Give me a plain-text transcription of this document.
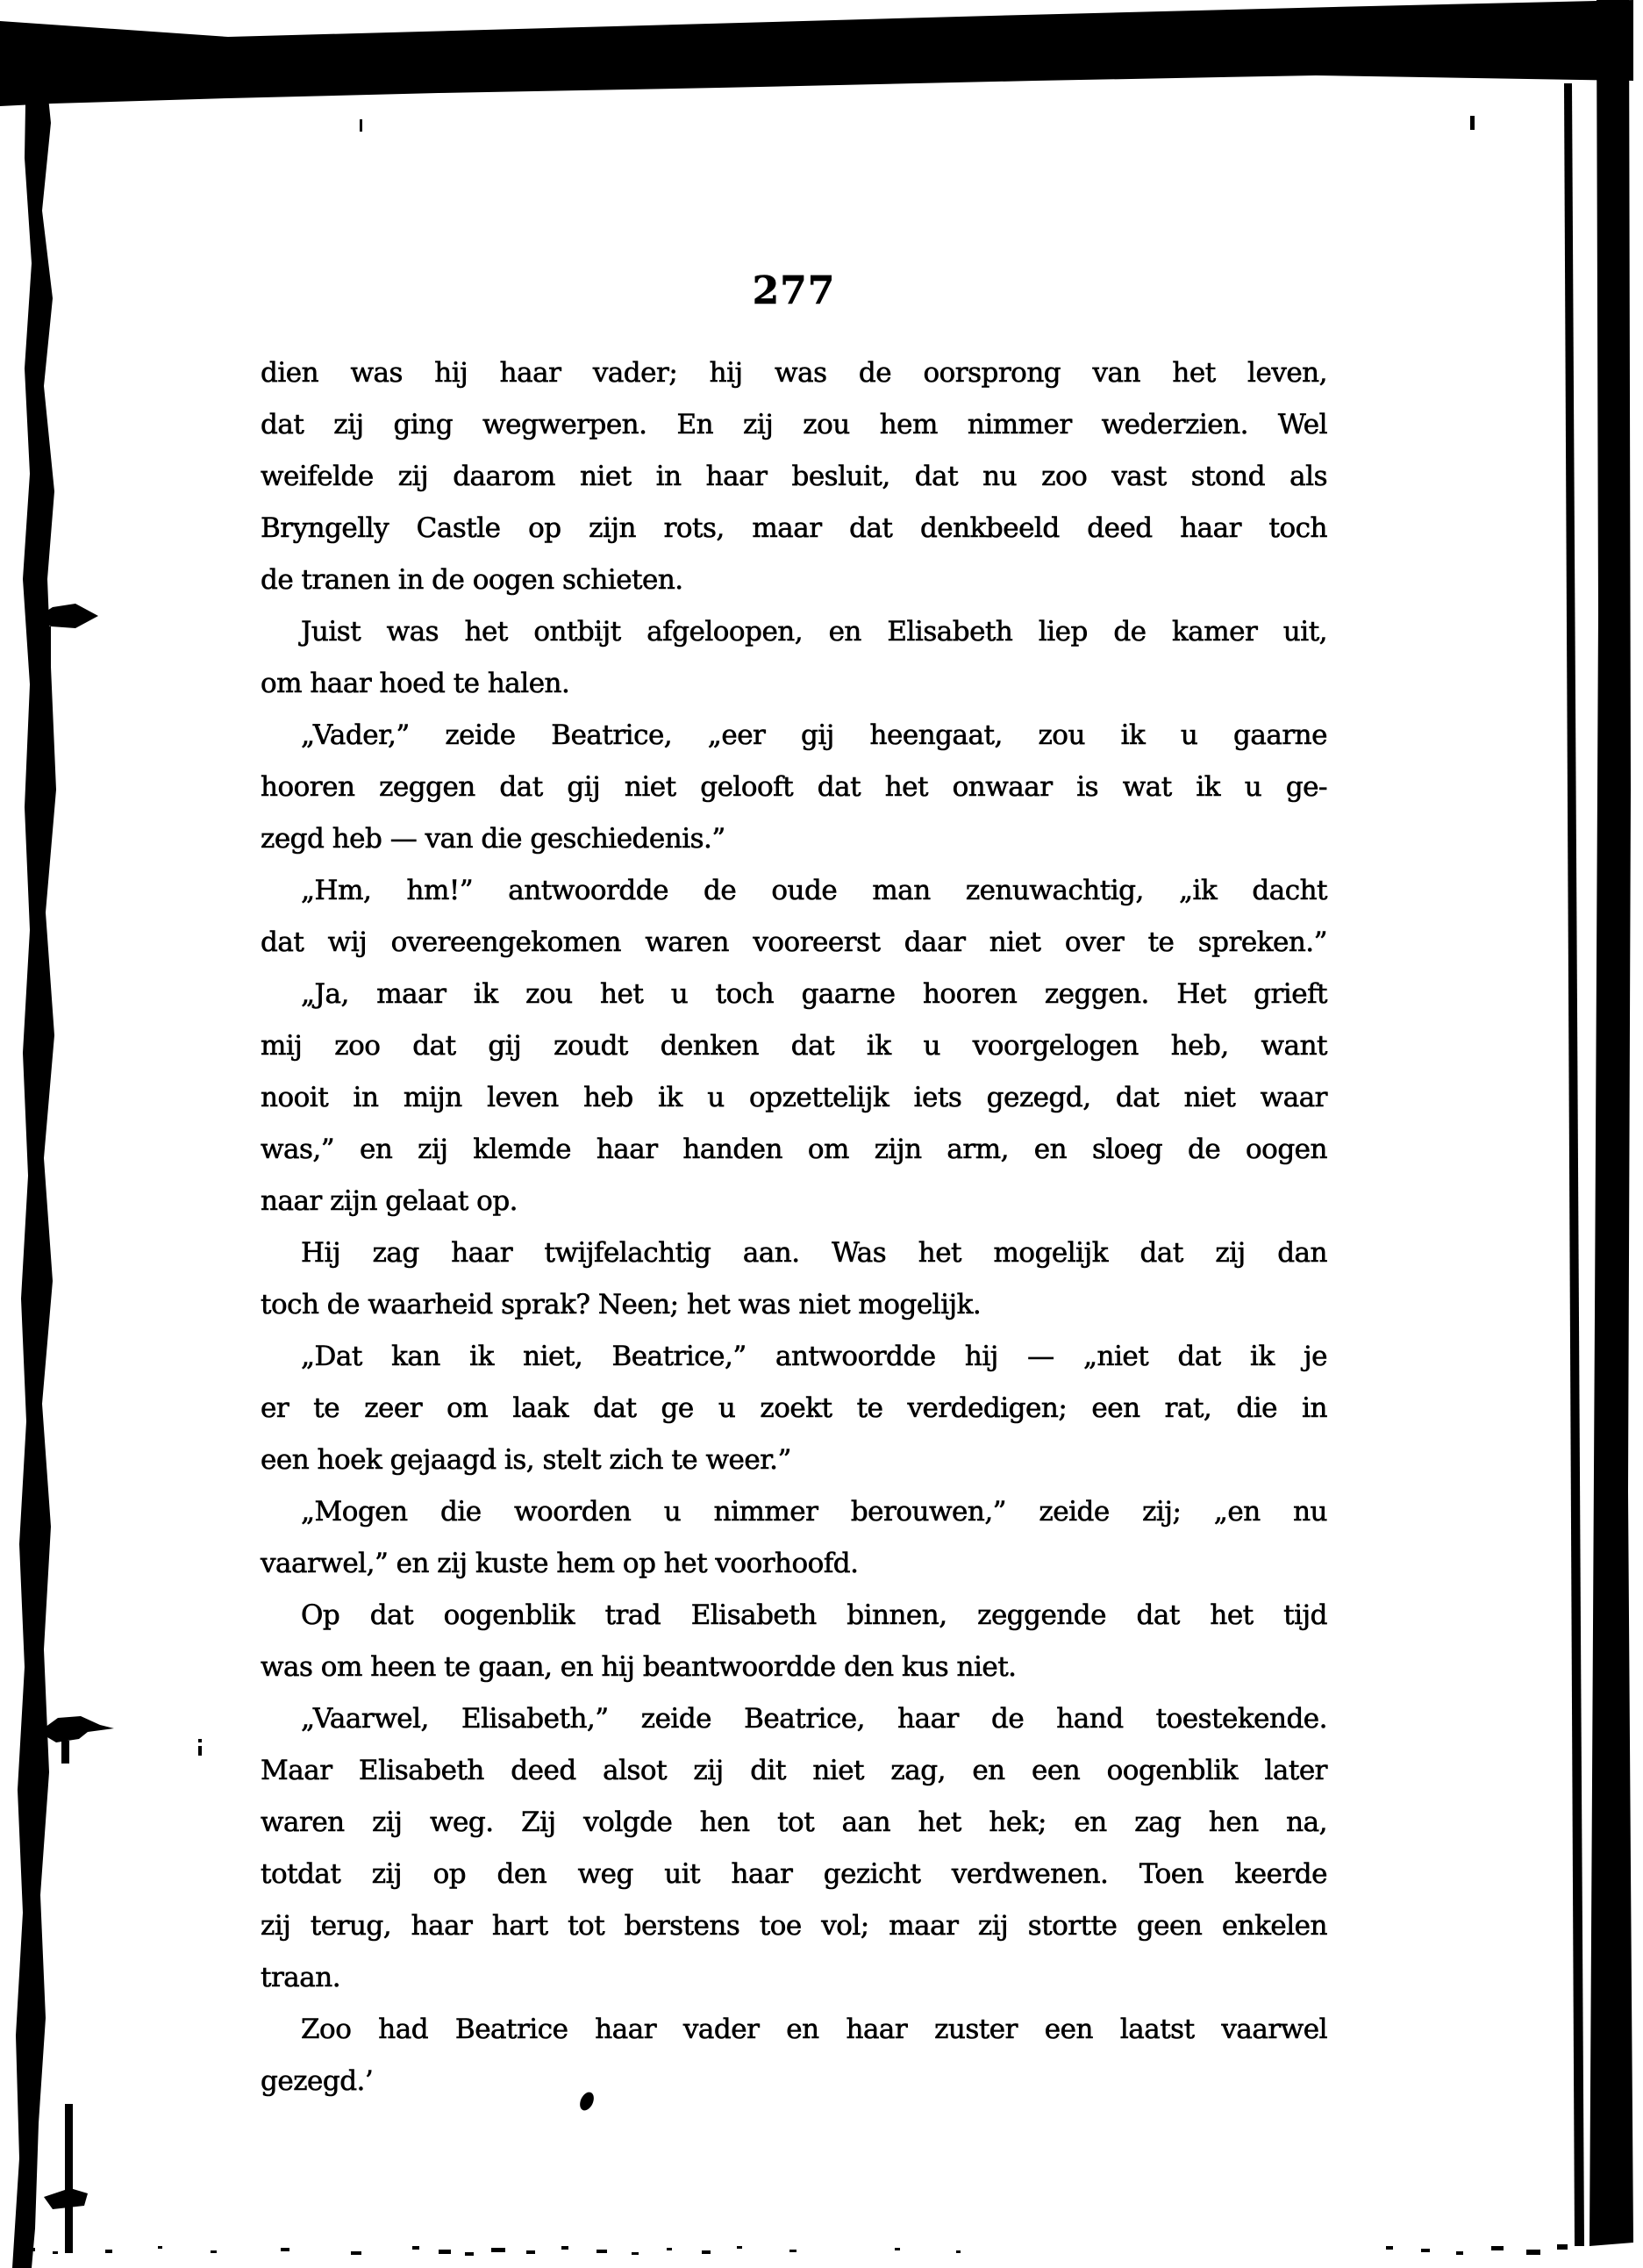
277
dien was hij haar vader; hij was de oorsprong van het leven,
dat zij ging wegwerpen. En zij zou hem nimmer wederzien. Wel
weifelde zij daarom niet in haar besluit, dat nu zoo vast stond als
Bryngelly Castle op zijn rots, maar dat denkbeeld deed haar toch
de tranen in de oogen schieten.
Juist was het ontbijt afgeloopen, en Elisabeth liep de kamer uit,
om haar hoed te halen.
„Vader,” zeide Beatrice, „eer gij heengaat, zou ik u gaarne
hooren zeggen dat gij niet gelooft dat het onwaar is wat ik u ge-
zegd heb — van die geschiedenis.”
„Hm, hm!” antwoordde de oude man zenuwachtig, „ik dacht
dat wij overeengekomen waren vooreerst daar niet over te spreken.”
„Ja, maar ik zou het u toch gaarne hooren zeggen. Het grieft
mij zoo dat gij zoudt denken dat ik u voorgelogen heb, want
nooit in mijn leven heb ik u opzettelijk iets gezegd, dat niet waar
was,” en zij klemde haar handen om zijn arm, en sloeg de oogen
naar zijn gelaat op.
Hij zag haar twijfelachtig aan. Was het mogelijk dat zij dan
toch de waarheid sprak? Neen; het was niet mogelijk.
„Dat kan ik niet, Beatrice,” antwoordde hij — „niet dat ik je
er te zeer om laak dat ge u zoekt te verdedigen; een rat, die in
een hoek gejaagd is, stelt zich te weer.”
„Mogen die woorden u nimmer berouwen,” zeide zij; „en nu
vaarwel,” en zij kuste hem op het voorhoofd.
Op dat oogenblik trad Elisabeth binnen, zeggende dat het tijd
was om heen te gaan, en hij beantwoordde den kus niet.
„Vaarwel, Elisabeth,” zeide Beatrice, haar de hand toestekende.
Maar Elisabeth deed alsot zij dit niet zag, en een oogenblik later
waren zij weg. Zij volgde hen tot aan het hek; en zag hen na,
totdat zij op den weg uit haar gezicht verdwenen. Toen keerde
zij terug, haar hart tot berstens toe vol; maar zij stortte geen enkelen
traan.
Zoo had Beatrice haar vader en haar zuster een laatst vaarwel
gezegd.’
